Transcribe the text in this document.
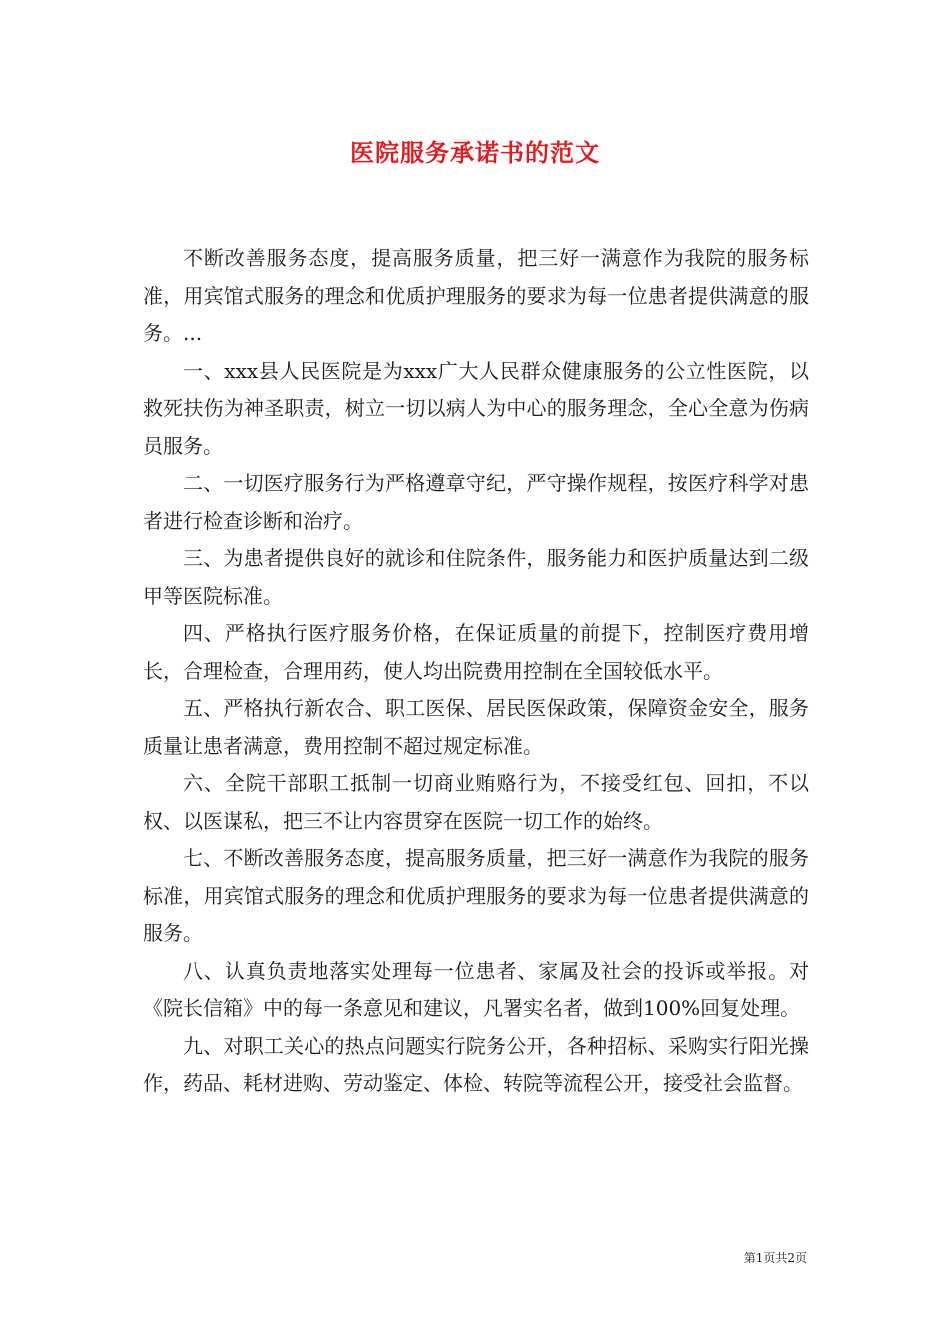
医院服务承诺书的范文

不断改善服务态度，提高服务质量，把三好一满意作为我院的服务标准，用宾馆式服务的理念和优质护理服务的要求为每一位患者提供满意的服务。...

一、xxx县人民医院是为xxx广大人民群众健康服务的公立性医院，以救死扶伤为神圣职责，树立一切以病人为中心的服务理念，全心全意为伤病员服务。

二、一切医疗服务行为严格遵章守纪，严守操作规程，按医疗科学对患者进行检查诊断和治疗。

三、为患者提供良好的就诊和住院条件，服务能力和医护质量达到二级甲等医院标准。

四、严格执行医疗服务价格，在保证质量的前提下，控制医疗费用增长，合理检查，合理用药，使人均出院费用控制在全国较低水平。

五、严格执行新农合、职工医保、居民医保政策，保障资金安全，服务质量让患者满意，费用控制不超过规定标准。

六、全院干部职工抵制一切商业贿赂行为，不接受红包、回扣，不以权、以医谋私，把三不让内容贯穿在医院一切工作的始终。

七、不断改善服务态度，提高服务质量，把三好一满意作为我院的服务标准，用宾馆式服务的理念和优质护理服务的要求为每一位患者提供满意的服务。

八、认真负责地落实处理每一位患者、家属及社会的投诉或举报。对《院长信箱》中的每一条意见和建议，凡署实名者，做到100%回复处理。

九、对职工关心的热点问题实行院务公开，各种招标、采购实行阳光操作，药品、耗材进购、劳动鉴定、体检、转院等流程公开，接受社会监督。

第1页共2页
